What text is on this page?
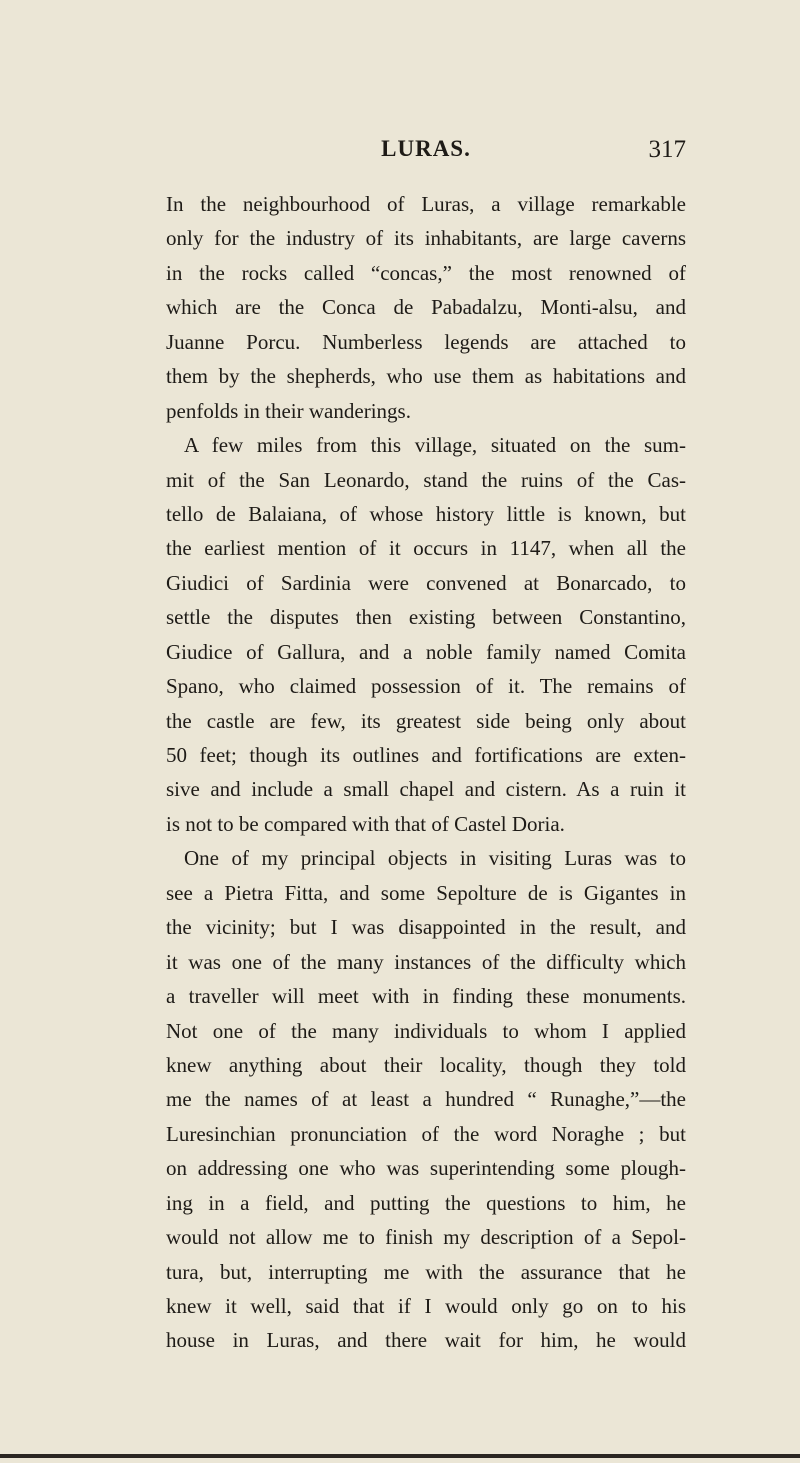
LURAS.	317
In the neighbourhood of Luras, a village remarkable
only for the industry of its inhabitants, are large caverns
in the rocks called “concas,” the most renowned of
which are the Conca de Pabadalzu, Monti-alsu, and
Juanne Porcu. Numberless legends are attached to
them by the shepherds, who use them as habitations and
penfolds in their wanderings.
A few miles from this village, situated on the sum-
mit of the San Leonardo, stand the ruins of the Cas-
tello de Balaiana, of whose history little is known, but
the earliest mention of it occurs in 1147, when all the
Giudici of Sardinia were convened at Bonarcado, to
settle the disputes then existing between Constantino,
Giudice of Gallura, and a noble family named Comita
Spano, who claimed possession of it. The remains of
the castle are few, its greatest side being only about
50 feet; though its outlines and fortifications are exten-
sive and include a small chapel and cistern. As a ruin it
is not to be compared with that of Castel Doria.
One of my principal objects in visiting Luras was to
see a Pietra Fitta, and some Sepolture de is Gigantes in
the vicinity; but I was disappointed in the result, and
it was one of the many instances of the difficulty which
a traveller will meet with in finding these monuments.
Not one of the many individuals to whom I applied
knew anything about their locality, though they told
me the names of at least a hundred “ Runaghe,”—the
Luresinchian pronunciation of the word Noraghe ; but
on addressing one who was superintending some plough-
ing in a field, and putting the questions to him, he
would not allow me to finish my description of a Sepol-
tura, but, interrupting me with the assurance that he
knew it well, said that if I would only go on to his
house in Luras, and there wait for him, he would
